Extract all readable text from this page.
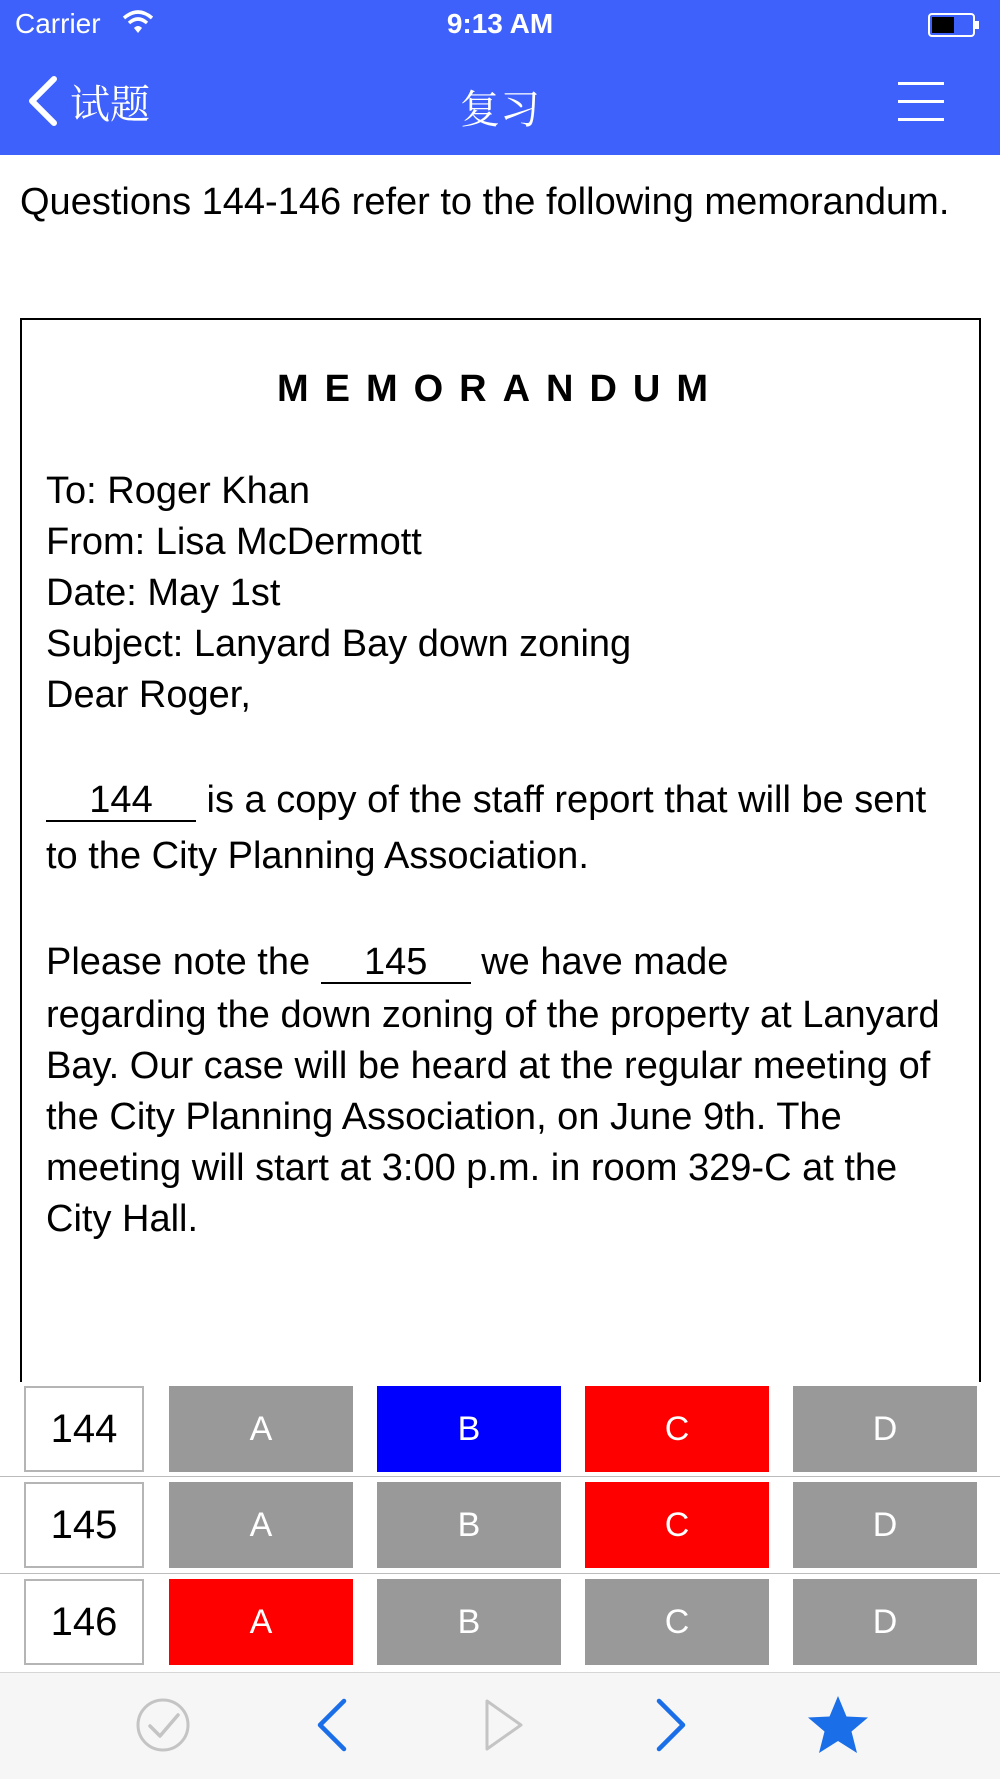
Carrier	9:13 AM
试题	复习
Questions 144-146 refer to the following memorandum.
MEMORANDUM
To: Roger Khan
From: Lisa McDermott
Date: May 1st
Subject: Lanyard Bay down zoning
Dear Roger,
144 is a copy of the staff report that will be sent to the City Planning Association.
Please note the 145 we have made
regarding the down zoning of the property at Lanyard Bay. Our case will be heard at the regular meeting of the City Planning Association, on June 9th. The meeting will start at 3:00 p.m. in room 329-C at the City Hall.
144	A	B	C	D
145	A	B	C	D
146	A	B	C	D
